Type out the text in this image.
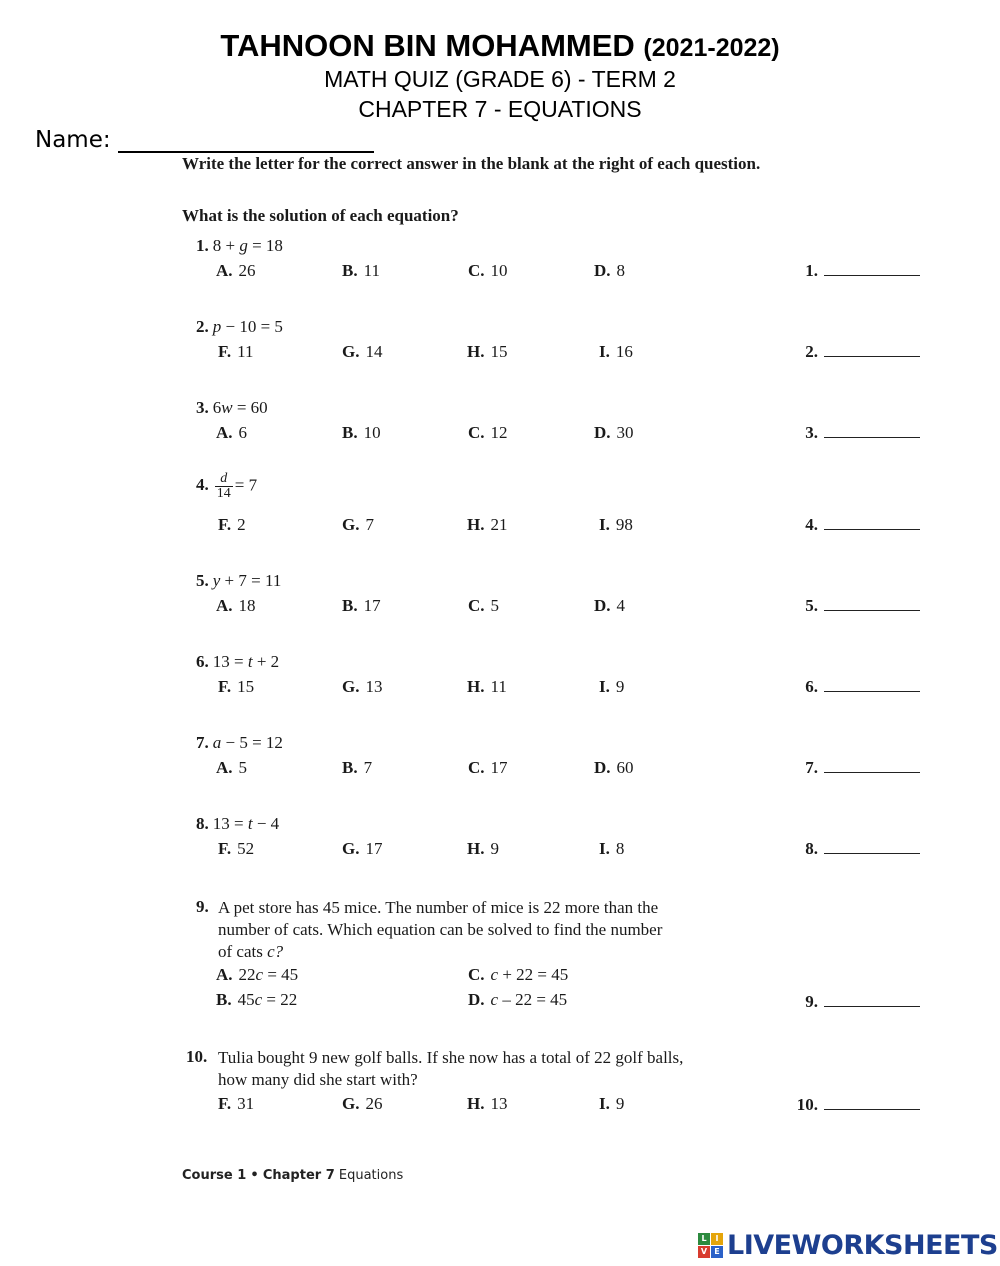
TAHNOON BIN MOHAMMED (2021-2022)
MATH QUIZ (GRADE 6) - TERM 2
CHAPTER 7 - EQUATIONS
Name:
Write the letter for the correct answer in the blank at the right of each question.
What is the solution of each equation?
1. 8 + g = 18
A. 26	B. 11	C. 10	D. 8	1.
2. p − 10 = 5
F. 11	G. 14	H. 15	I. 16	2.
3. 6w = 60
A. 6	B. 10	C. 12	D. 30	3.
4. $\frac{d}{14} = 7$
F. 2	G. 7	H. 21	I. 98	4.
5. y + 7 = 11
A. 18	B. 17	C. 5	D. 4	5.
6. 13 = t + 2
F. 15	G. 13	H. 11	I. 9	6.
7. a − 5 = 12
A. 5	B. 7	C. 17	D. 60	7.
8. 13 = t − 4
F. 52	G. 17	H. 9	I. 8	8.
9. A pet store has 45 mice. The number of mice is 22 more than the
number of cats. Which equation can be solved to find the number
of cats c?
A. 22c = 45	C. c + 22 = 45
B. 45c = 22	D. c – 22 = 45	9.
10. Tulia bought 9 new golf balls. If she now has a total of 22 golf balls,
how many did she start with?
F. 31	G. 26	H. 13	I. 9	10.
Course 1 • Chapter 7 Equations
L	I
V E LIVEWORKSHEETS
